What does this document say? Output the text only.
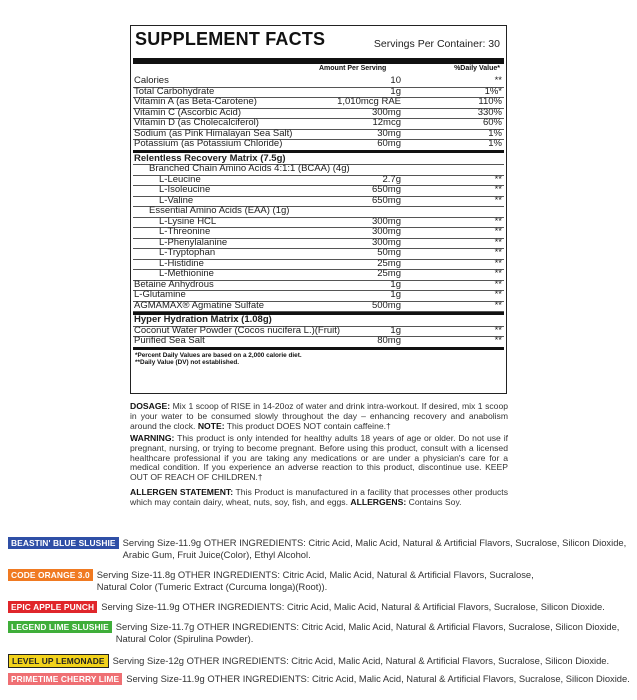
SUPPLEMENT FACTS	Servings Per Container: 30
Amount Per Serving	%Daily Value*
Calories	10	**
Total Carbohydrate	1g	1%*
Vitamin A (as Beta-Carotene)	1,010mcg RAE	110%
Vitamin C (Ascorbic Acid)	300mg	330%
Vitamin D (as Cholecalciferol)	12mcg	60%
Sodium (as Pink Himalayan Sea Salt)	30mg	1%
Potassium (as Potassium Chloride)	60mg	1%
Relentless Recovery Matrix (7.5g)
Branched Chain Amino Acids 4:1:1 (BCAA) (4g)
L-Leucine	2.7g	**
L-Isoleucine	650mg	**
L-Valine	650mg	**
Essential Amino Acids (EAA) (1g)
L-Lysine HCL	300mg	**
L-Threonine	300mg	**
L-Phenylalanine	300mg	**
L-Tryptophan	50mg	**
L-Histidine	25mg	**
L-Methionine	25mg	**
Betaine Anhydrous	1g	**
L-Glutamine	1g	**
AGMAMAX® Agmatine Sulfate	500mg	**
Hyper Hydration Matrix (1.08g)
Coconut Water Powder (Cocos nucifera L.)(Fruit)	1g	**
Purified Sea Salt	80mg	**
*Percent Daily Values are based on a 2,000 calorie diet.
**Daily Value (DV) not established.
DOSAGE: Mix 1 scoop of RISE in 14-20oz of water and drink intra-workout. If desired, mix 1 scoop in your water to be consumed slowly throughout the day – enhancing recovery and anabolism around the clock. NOTE: This product DOES NOT contain caffeine.†
WARNING: This product is only intended for healthy adults 18 years of age or older. Do not use if pregnant, nursing, or trying to become pregnant. Before using this product, consult with a licensed healthcare professional if you are taking any medications or are under a physician's care for a medical condition. If you experience an adverse reaction to this product, discontinue use. KEEP OUT OF REACH OF CHILDREN.†
ALLERGEN STATEMENT: This Product is manufactured in a facility that processes other products which may contain dairy, wheat, nuts, soy, fish, and eggs. ALLERGENS: Contains Soy.
BEASTIN' BLUE SLUSHIE Serving Size-11.9g OTHER INGREDIENTS: Citric Acid, Malic Acid, Natural & Artificial Flavors, Sucralose, Silicon Dioxide,
Arabic Gum, Fruit Juice(Color), Ethyl Alcohol.
CODE ORANGE 3.0 Serving Size-11.8g OTHER INGREDIENTS: Citric Acid, Malic Acid, Natural & Artificial Flavors, Sucralose,
Natural Color (Tumeric Extract (Curcuma longa)(Root)).
EPIC APPLE PUNCH Serving Size-11.9g OTHER INGREDIENTS: Citric Acid, Malic Acid, Natural & Artificial Flavors, Sucralose, Silicon Dioxide.
LEGEND LIME SLUSHIE Serving Size-11.7g OTHER INGREDIENTS: Citric Acid, Malic Acid, Natural & Artificial Flavors, Sucralose, Silicon Dioxide,
Natural Color (Spirulina Powder).
LEVEL UP LEMONADE Serving Size-12g OTHER INGREDIENTS: Citric Acid, Malic Acid, Natural & Artificial Flavors, Sucralose, Silicon Dioxide.
PRIMETIME CHERRY LIME Serving Size-11.9g OTHER INGREDIENTS: Citric Acid, Malic Acid, Natural & Artificial Flavors, Sucralose, Silicon Dioxide.
